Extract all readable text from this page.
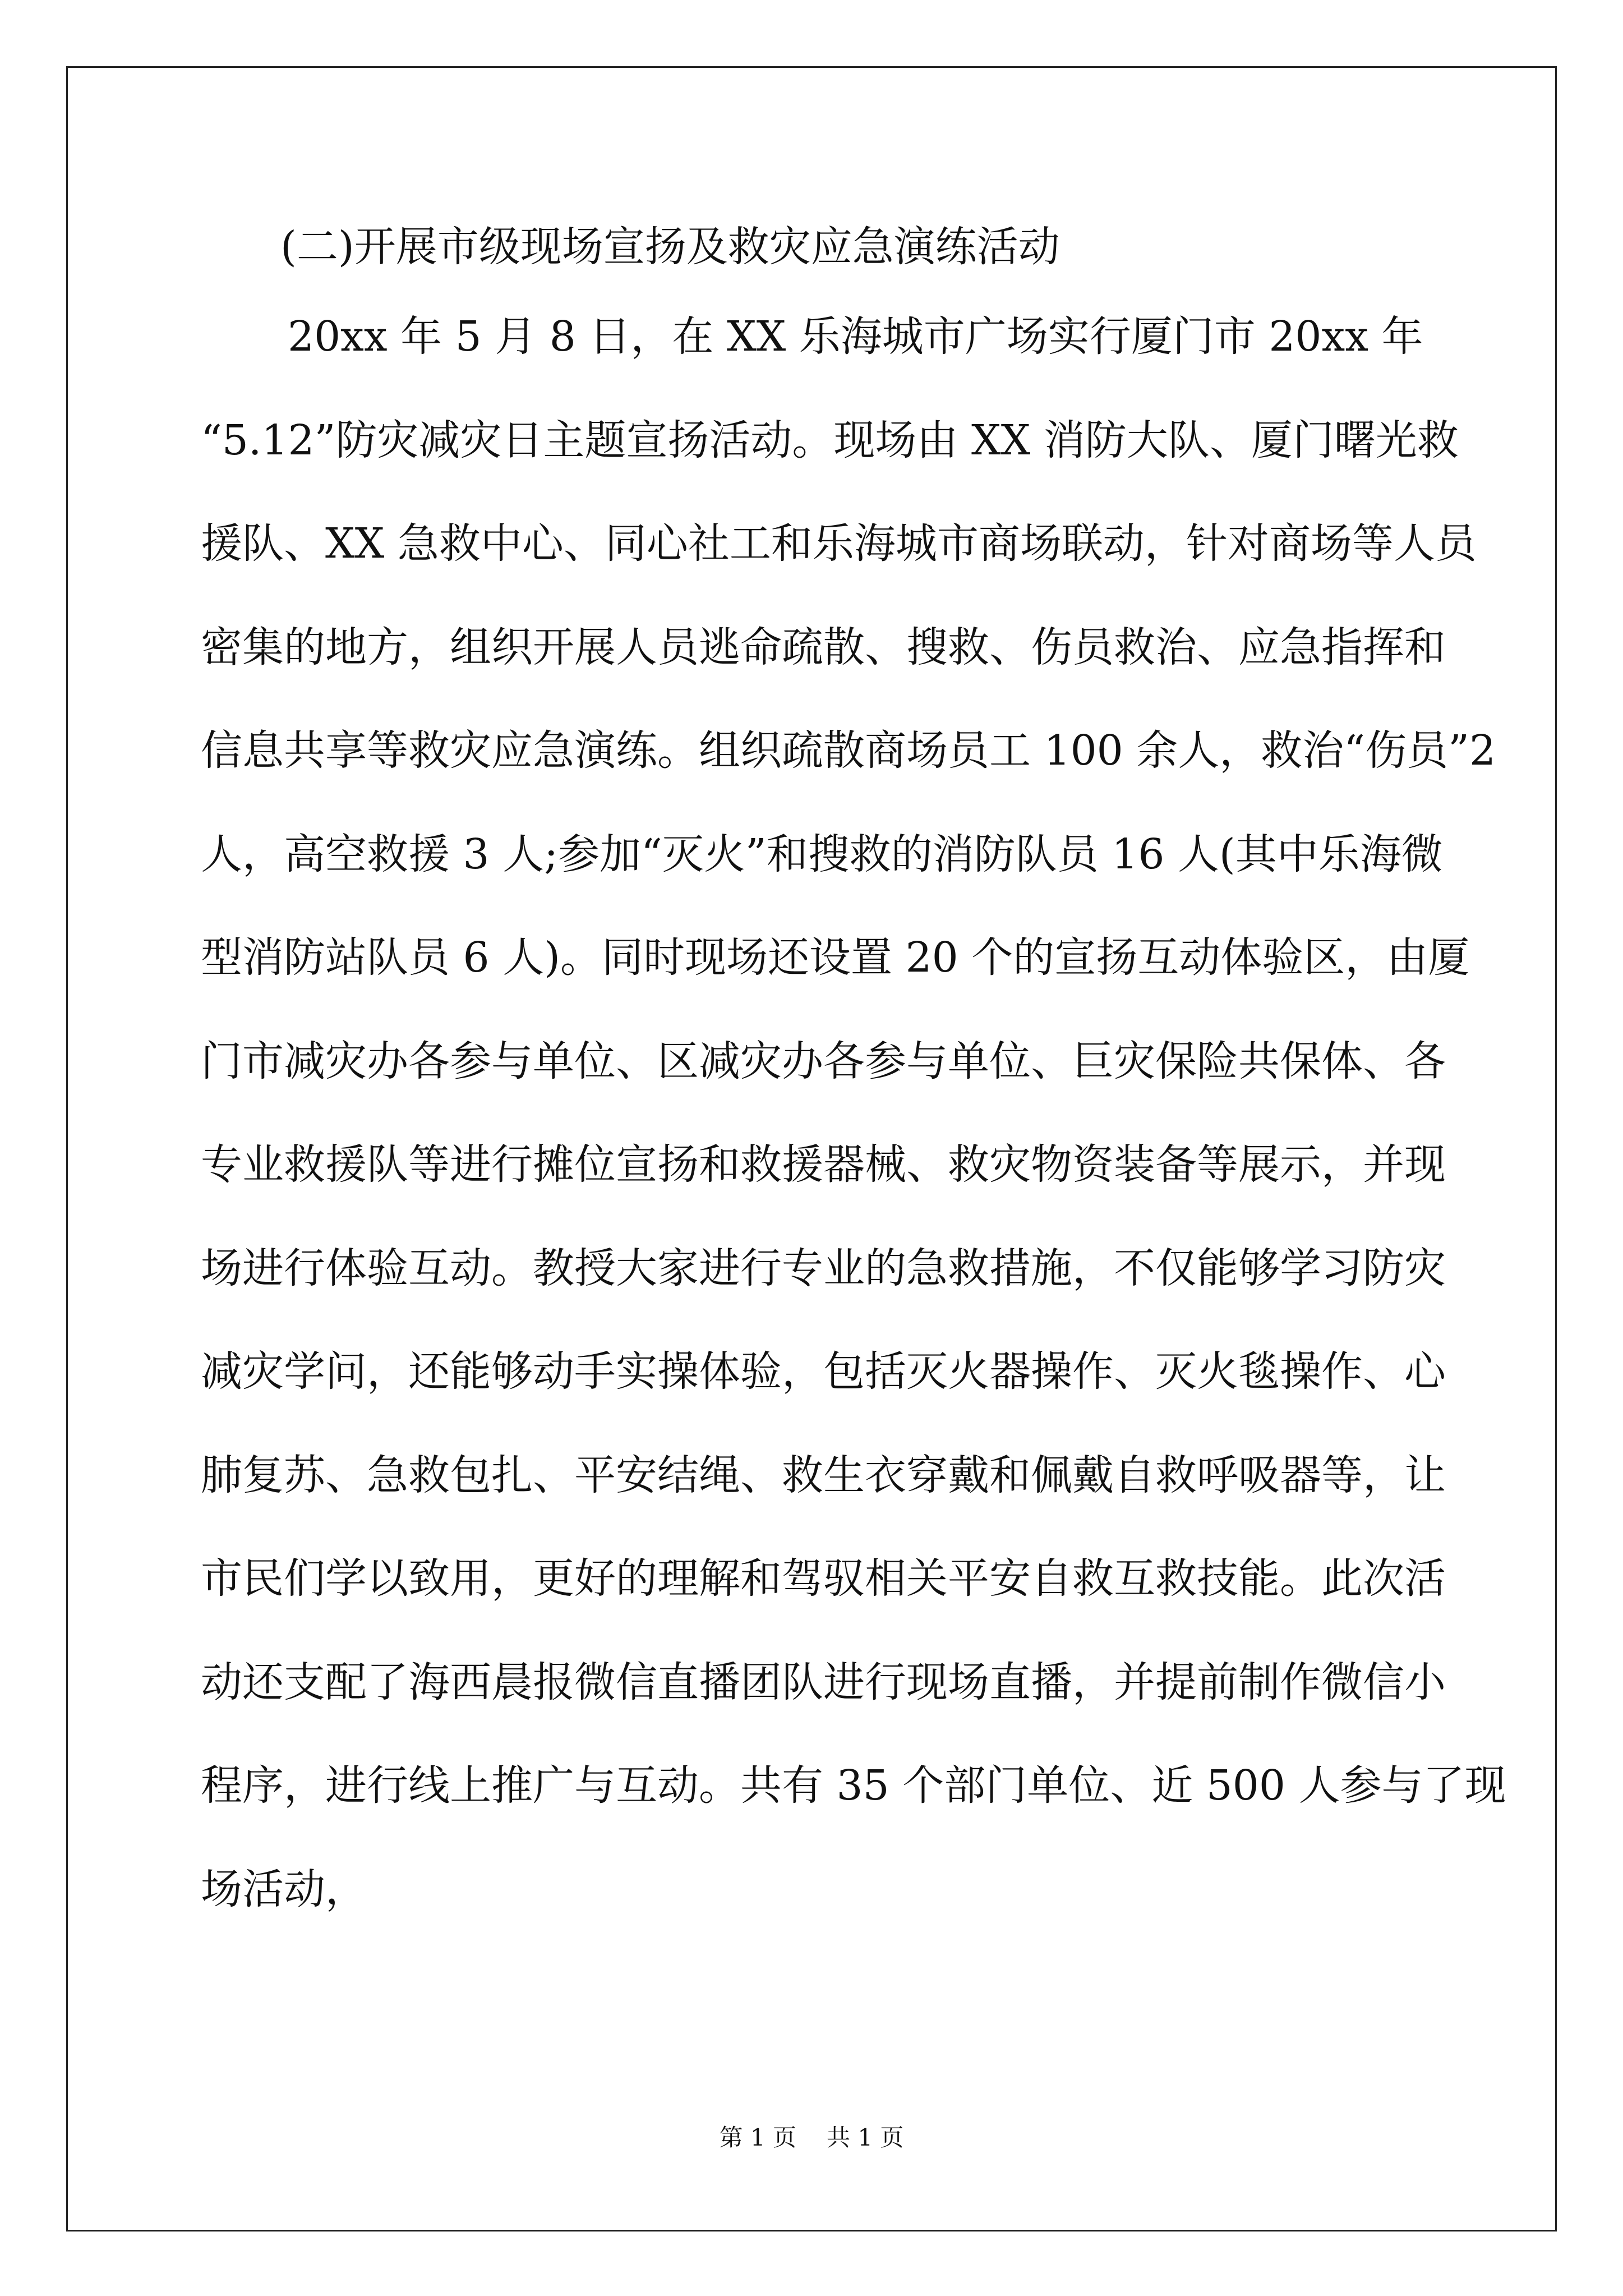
(二)开展市级现场宣扬及救灾应急演练活动
20xx 年 5 月 8 日，在 XX 乐海城市广场实行厦门市 20xx 年
“5.12”防灾减灾日主题宣扬活动。现场由 XX 消防大队、厦门曙光救
援队、XX 急救中心、同心社工和乐海城市商场联动，针对商场等人员
密集的地方，组织开展人员逃命疏散、搜救、伤员救治、应急指挥和
信息共享等救灾应急演练。组织疏散商场员工 100 余人，救治“伤员”2
人，高空救援 3 人;参加“灭火”和搜救的消防队员 16 人(其中乐海微
型消防站队员 6 人)。同时现场还设置 20 个的宣扬互动体验区，由厦
门市减灾办各参与单位、区减灾办各参与单位、巨灾保险共保体、各
专业救援队等进行摊位宣扬和救援器械、救灾物资装备等展示，并现
场进行体验互动。教授大家进行专业的急救措施，不仅能够学习防灾
减灾学问，还能够动手实操体验，包括灭火器操作、灭火毯操作、心
肺复苏、急救包扎、平安结绳、救生衣穿戴和佩戴自救呼吸器等，让
市民们学以致用，更好的理解和驾驭相关平安自救互救技能。此次活
动还支配了海西晨报微信直播团队进行现场直播，并提前制作微信小
程序，进行线上推广与互动。共有 35 个部门单位、近 500 人参与了现
场活动，
第 1 页 共 1 页
